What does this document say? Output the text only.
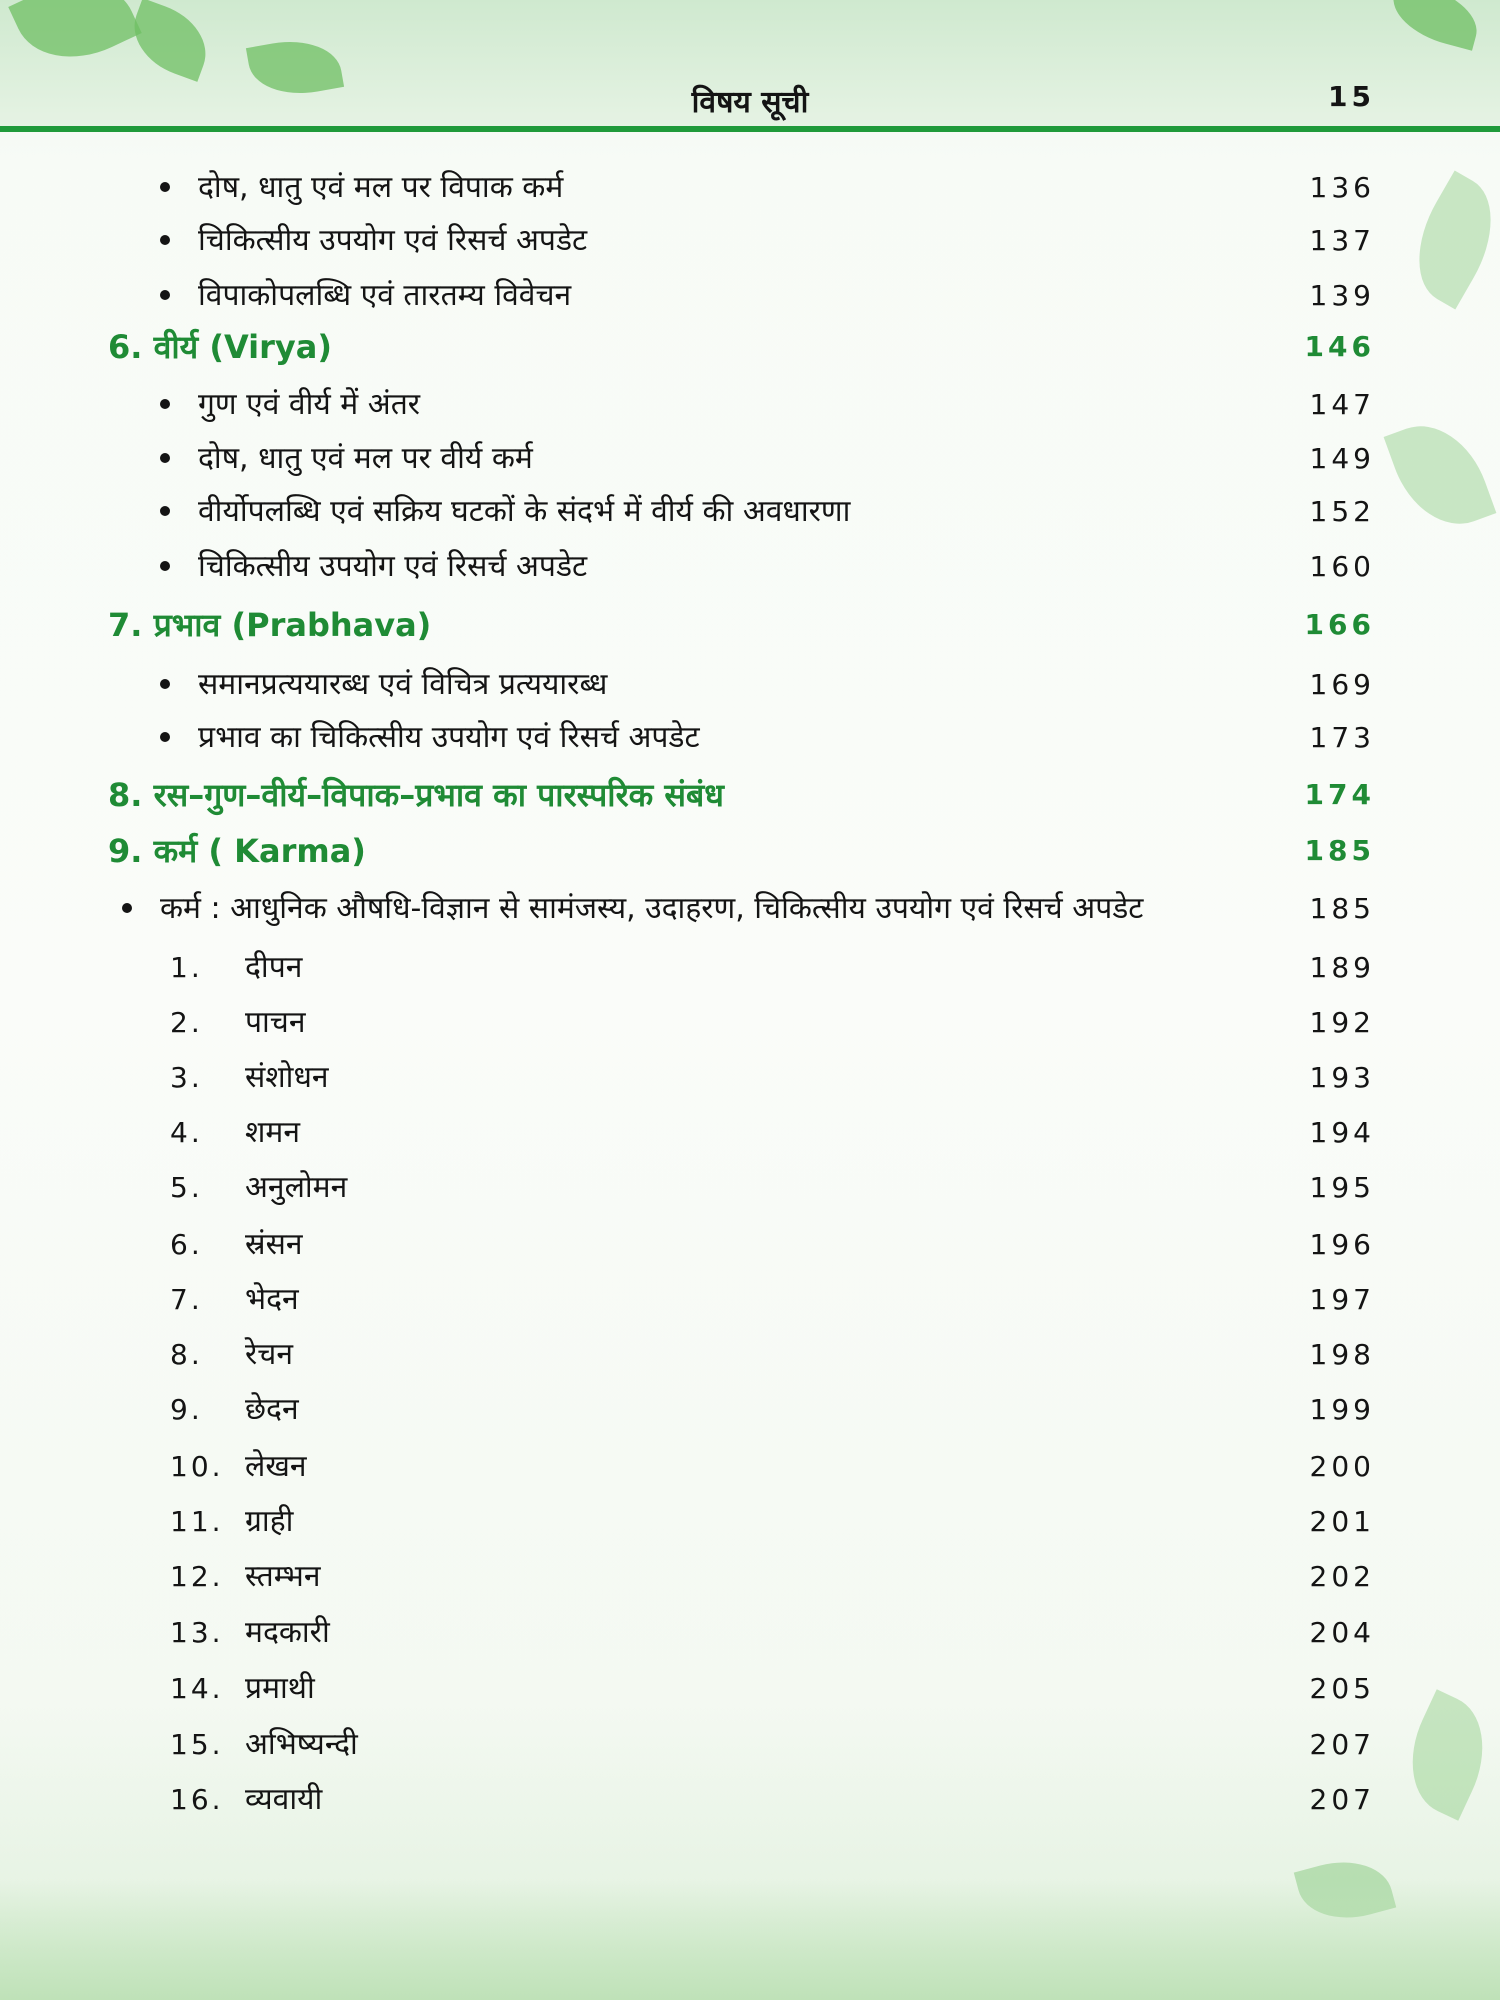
विषय सूची	15
दोष, धातु एवं मल पर विपाक कर्म	136
चिकित्सीय उपयोग एवं रिसर्च अपडेट	137
विपाकोपलब्धि एवं तारतम्य विवेचन	139
6. वीर्य (Virya)	146
गुण एवं वीर्य में अंतर	147
दोष, धातु एवं मल पर वीर्य कर्म	149
वीर्योपलब्धि एवं सक्रिय घटकों के संदर्भ में वीर्य की अवधारणा	152
चिकित्सीय उपयोग एवं रिसर्च अपडेट	160
7. प्रभाव (Prabhava)	166
समानप्रत्ययारब्ध एवं विचित्र प्रत्ययारब्ध	169
प्रभाव का चिकित्सीय उपयोग एवं रिसर्च अपडेट	173
8. रस–गुण–वीर्य–विपाक–प्रभाव का पारस्परिक संबंध	174
9. कर्म ( Karma)	185
कर्म : आधुनिक औषधि-विज्ञान से सामंजस्य, उदाहरण, चिकित्सीय उपयोग एवं रिसर्च अपडेट	185
1. दीपन	189
2. पाचन	192
3. संशोधन	193
4. शमन	194
5. अनुलोमन	195
6. स्रंसन	196
7. भेदन	197
8. रेचन	198
9. छेदन	199
10. लेखन	200
11. ग्राही	201
12. स्तम्भन	202
13. मदकारी	204
14. प्रमाथी	205
15. अभिष्यन्दी	207
16. व्यवायी	207
